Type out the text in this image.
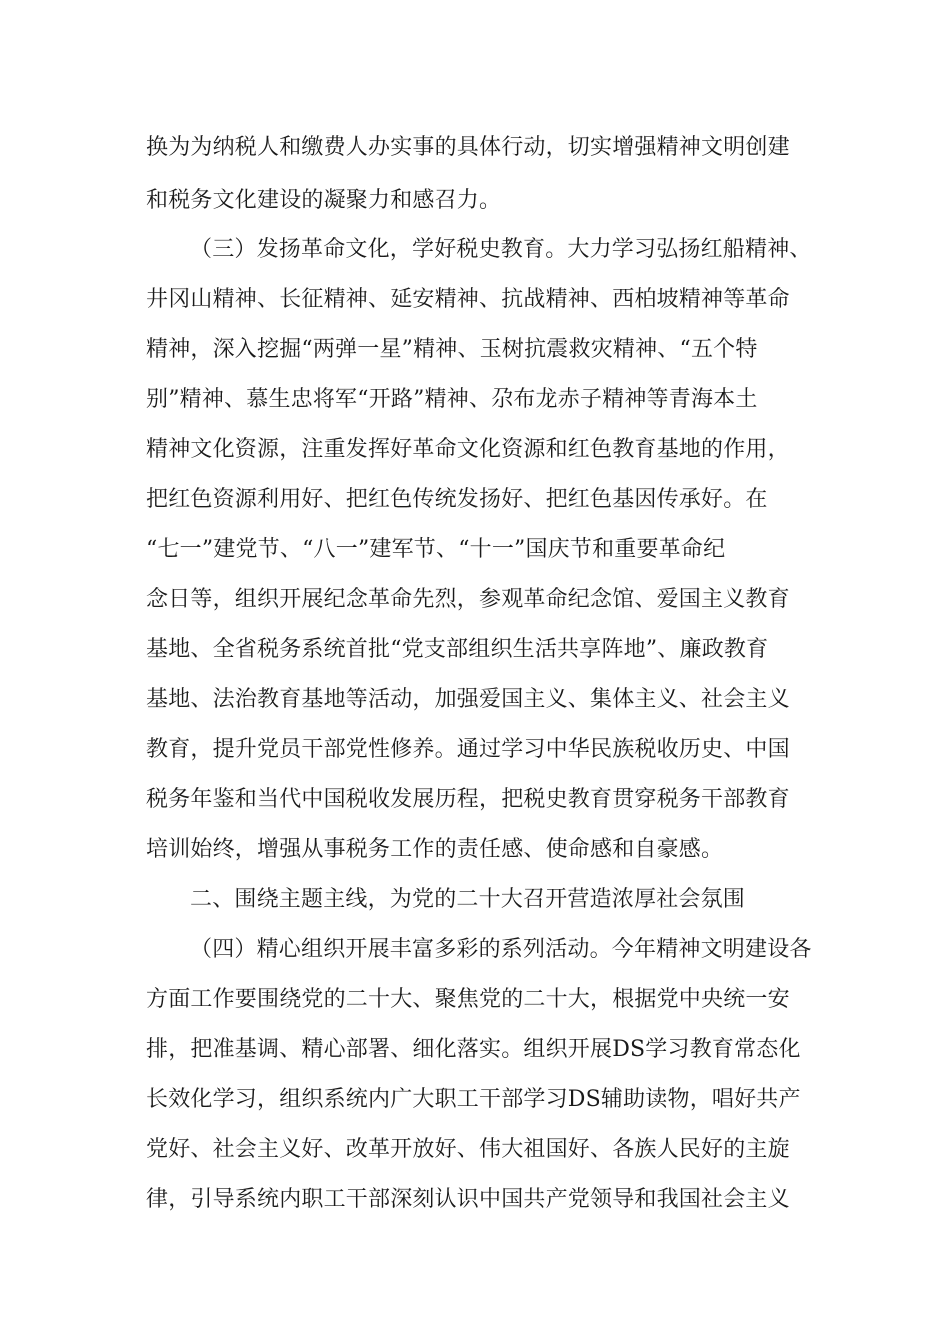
换为为纳税人和缴费人办实事的具体行动，切实增强精神文明创建
和税务文化建设的凝聚力和感召力。
（三）发扬革命文化，学好税史教育。大力学习弘扬红船精神、
井冈山精神、长征精神、延安精神、抗战精神、西柏坡精神等革命
精神，深入挖掘“两弹一星”精神、玉树抗震救灾精神、“五个特
别”精神、慕生忠将军“开路”精神、尕布龙赤子精神等青海本土
精神文化资源，注重发挥好革命文化资源和红色教育基地的作用，
把红色资源利用好、把红色传统发扬好、把红色基因传承好。在
“七一”建党节、“八一”建军节、“十一”国庆节和重要革命纪
念日等，组织开展纪念革命先烈，参观革命纪念馆、爱国主义教育
基地、全省税务系统首批“党支部组织生活共享阵地”、廉政教育
基地、法治教育基地等活动，加强爱国主义、集体主义、社会主义
教育，提升党员干部党性修养。通过学习中华民族税收历史、中国
税务年鉴和当代中国税收发展历程，把税史教育贯穿税务干部教育
培训始终，增强从事税务工作的责任感、使命感和自豪感。
二、围绕主题主线，为党的二十大召开营造浓厚社会氛围
（四）精心组织开展丰富多彩的系列活动。今年精神文明建设各
方面工作要围绕党的二十大、聚焦党的二十大，根据党中央统一安
排，把准基调、精心部署、细化落实。组织开展DS学习教育常态化
长效化学习，组织系统内广大职工干部学习DS辅助读物，唱好共产
党好、社会主义好、改革开放好、伟大祖国好、各族人民好的主旋
律，引导系统内职工干部深刻认识中国共产党领导和我国社会主义
